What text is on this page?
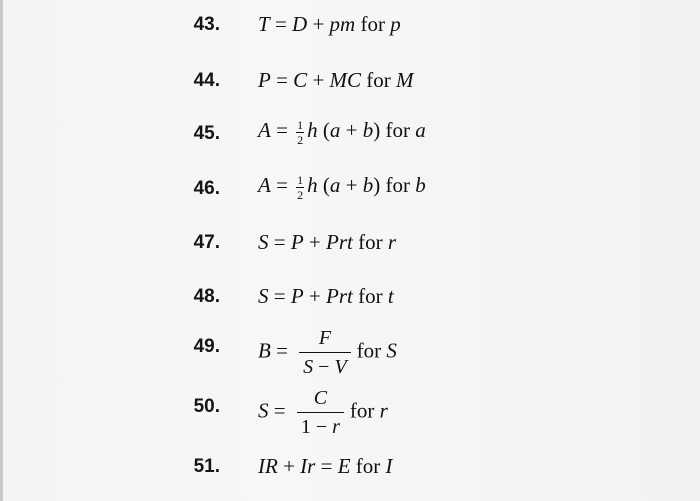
43. T = D + pm for p
44. P = C + MC for M
45. $A = \frac{1}{2}$ h (a + b) for a
46. $A = \frac{1}{2}$ h (a + b) for b
47. S = P + Prt for r
48. S = P + Prt for t
49. $B = \frac{F}{S - V}$ for S
50. $S = \frac{C}{1 - r}$ for r
51. IR + Ir = E for I
